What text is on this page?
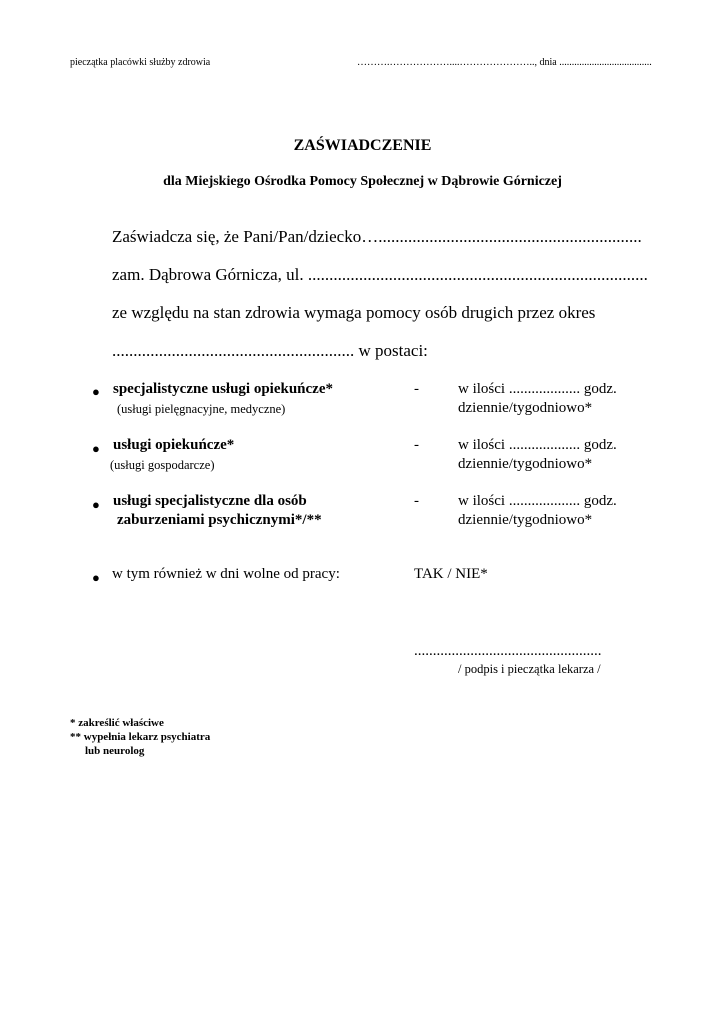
pieczątka placówki służby zdrowia	……….………………....………………….., dnia .....................................
ZAŚWIADCZENIE
dla Miejskiego Ośrodka Pomocy Społecznej w Dąbrowie Górniczej
Zaświadcza się, że Pani/Pan/dziecko…..............................................................
zam. Dąbrowa Górnicza, ul. ................................................................................
ze względu na stan zdrowia wymaga pomocy osób drugich przez okres
......................................................... w postaci:
● specjalistyczne usługi opiekuńcze*
(usługi pielęgnacyjne, medyczne)
-	w ilości ................... godz.
dziennie/tygodniowo*
● usługi opiekuńcze*
(usługi gospodarcze)
-	w ilości ................... godz.
dziennie/tygodniowo*
● usługi specjalistyczne dla osób
zaburzeniami psychicznymi*/**
-	w ilości ................... godz.
dziennie/tygodniowo*
● w tym również w dni wolne od pracy:	TAK / NIE*
..................................................
/ podpis i pieczątka lekarza /
* zakreślić właściwe
** wypełnia lekarz psychiatra
lub neurolog
